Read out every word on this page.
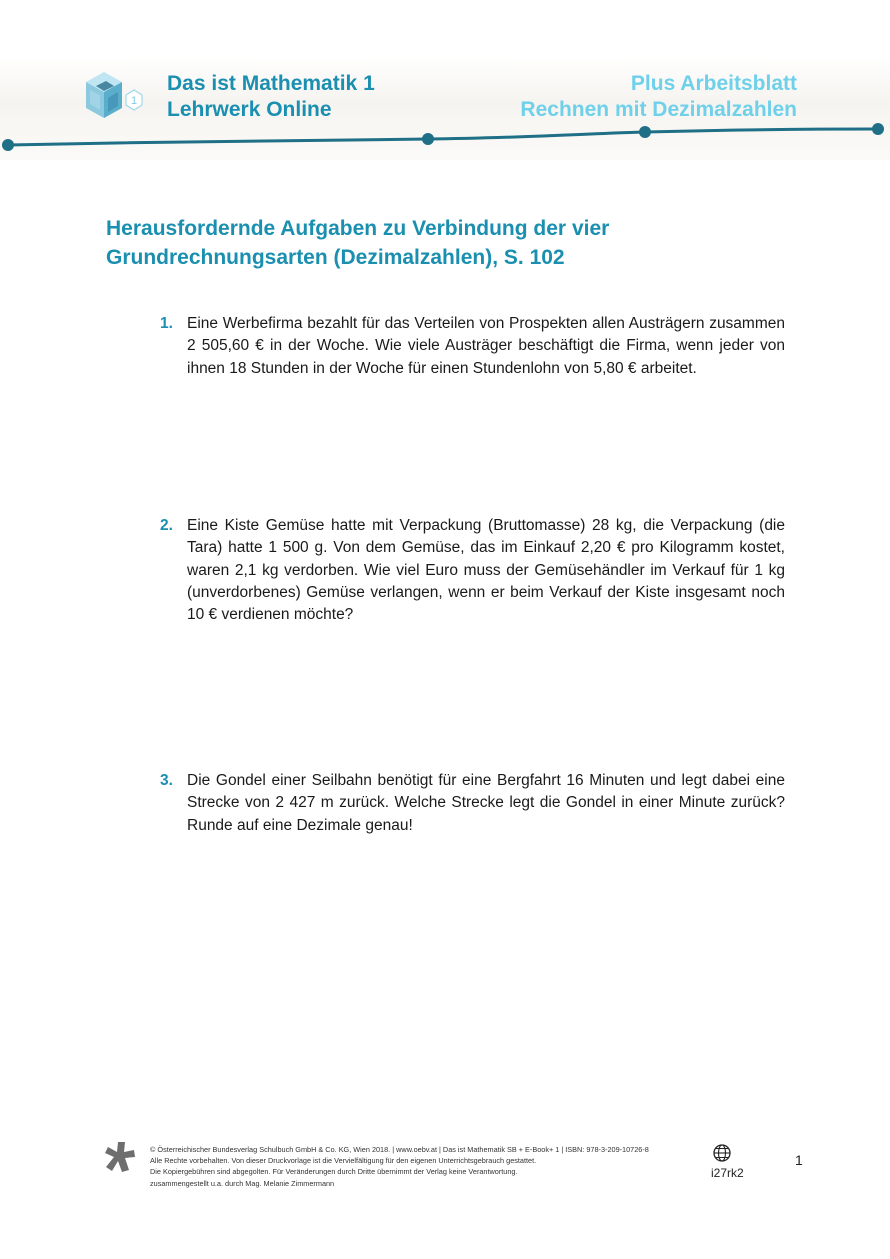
1
Das ist Mathematik 1
Lehrwerk Online
Plus Arbeitsblatt
Rechnen mit Dezimalzahlen
Herausfordernde Aufgaben zu Verbindung der vier
Grundrechnungsarten (Dezimalzahlen), S. 102
1. Eine Werbefirma bezahlt für das Verteilen von Prospekten allen Austrägern zusammen 2 505,60 € in der Woche. Wie viele Austräger beschäftigt die Firma, wenn jeder von ihnen 18 Stunden in der Woche für einen Stundenlohn von 5,80 € arbeitet.
2. Eine Kiste Gemüse hatte mit Verpackung (Bruttomasse) 28 kg, die Verpackung (die Tara) hatte 1 500 g. Von dem Gemüse, das im Einkauf 2,20 € pro Kilogramm kostet, waren 2,1 kg verdorben. Wie viel Euro muss der Gemüsehändler im Verkauf für 1 kg (unverdorbenes) Gemüse verlangen, wenn er beim Verkauf der Kiste insgesamt noch 10 € verdienen möchte?
3. Die Gondel einer Seilbahn benötigt für eine Bergfahrt 16 Minuten und legt dabei eine Strecke von 2 427 m zurück. Welche Strecke legt die Gondel in einer Minute zurück? Runde auf eine Dezimale genau!
© Österreichischer Bundesverlag Schulbuch GmbH & Co. KG, Wien 2018. | www.oebv.at | Das ist Mathematik SB + E-Book+ 1 | ISBN: 978-3-209-10726-8
Alle Rechte vorbehalten. Von dieser Druckvorlage ist die Vervielfältigung für den eigenen Unterrichtsgebrauch gestattet.
Die Kopiergebühren sind abgegolten. Für Veränderungen durch Dritte übernimmt der Verlag keine Verantwortung.
zusammengestellt u.a. durch Mag. Melanie Zimmermann
i27rk2
1
